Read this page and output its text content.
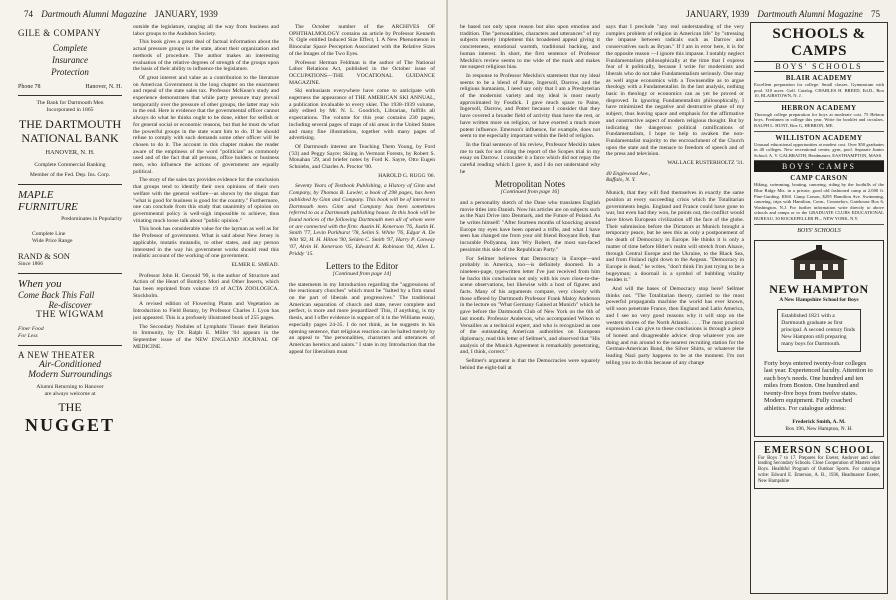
74 Dartmouth Alumni Magazine JANUARY, 1939
GILE & COMPANY
Complete
Insurance
Protection
Phone 78	Hanover, N. H.
The Bank for Dartmouth Men
Incorporated in 1865
THE DARTMOUTH
NATIONAL BANK
HANOVER, N. H.
Complete Commercial Banking
Member of the Fed. Dep. Ins. Corp.
MAPLE
FURNITURE
Predominates in Popularity
Complete Line
Wide Price Range
RAND & SON
Since 1866
When you
Come Back This Fall
Re-discover
THE WIGWAM
Finer Food
For Less
A NEW THEATER
Air-Conditioned
Modern Surroundings
Alumni Returning to Hanover
are always welcome at
THE
NUGGET

outside the legislature, ranging all the way from business and labor groups to the Audubon Society.

This book gives a great deal of factual information about the actual pressure groups in the state, about their organization and methods of procedure. The author makes an interesting evaluation of the relative degrees of strength of the groups upon the basis of their ability to influence the legislature.

Of great interest and value as a contribution to the literature on American Government is the long chapter on the enactment and repeal of the state sales tax. Professor McKean's study and experience demonstrates that while party pressure may prevail temporarily over the pressure of other groups, the latter may win in the end. Here is evidence that the governmental officer cannot always do what he thinks ought to be done, either for selfish or for general social or economic reasons, but that he must do what the powerful groups in the state want him to do. If he should refuse to comply with such demands some other officer will be chosen to do it. The account in this chapter makes the reader aware of the emptiness of the word "politician" as commonly used and of the fact that all persons, office holders or business men, who influence the actions of government are equally political.

The story of the sales tax provides evidence for the conclusion that groups tend to identify their own opinions of their own welfare with the general welfare—as shown by the slogan that "what is good for business is good for the country." Furthermore, one can conclude from this study that unanimity of opinion on governmental policy is well-nigh impossible to achieve, thus vitiating much loose talk about "public opinion."

This book has considerable value for the layman as well as for the Professor of government. What is said about New Jersey is applicable, mutatis mutandis, to other states, and any person interested in the way his government works should read this realistic account of the working of one government.

ELMER E. SMEAD.

Professor John H. Gerould '99, is the author of Structure and Action of the Heart of Bombyx Mori and Other Insects, which has been reprinted from volume 19 of ACTA ZOOLOGICA. Stockholm.

A revised edition of Flowering Plants and Vegetation as Introduction to Field Botany, by Professor Charles J. Lyon has just appeared. This is a profusely illustrated book of 255 pages.

The Secondary Nodules of Lymphatic Tissue: their Relation to Immunity, by Dr. Ralph E. Miller '04 appears in the September issue of the NEW ENGLAND JOURNAL OF MEDICINE.

The October number of the ARCHIVES OF OPHTHALMOLOGY contains an article by Professor Kenneth N. Ogle entitled Induced Size Effect, I. A New Phenomenon in Binocular Space Perception Associated with the Relative Sizes of the Images of the Two Eyes.

Professor Herman Feldman is the author of The National Labor Relations Act, published in the October issue of OCCUPATIONS—THE VOCATIONAL GUIDANCE MAGAZINE.

Ski enthusiasts everywhere have come to anticipate with eagerness the appearance of THE AMERICAN SKI ANNUAL, a publication invaluable to every skier. The 1938-1939 volume, ably edited by Mr. N. L. Goodrich, Librarian, fulfills all expectations. The volume for this year contains 230 pages, including several pages of maps of ski areas in the United States and many fine illustrations, together with many pages of advertising.

Of Dartmouth interest are Teaching Them Young, by Ford ('33) and Peggy Sayre; Skiing in Vermont Forests, by Robert S. Monahan '29, and briefer notes by Ford K. Sayre, Otto Eugen Schniebs, and Charles A. Proctor '00.

HAROLD G. RUGG '06.

Seventy Years of Textbook Publishing, a History of Ginn and Company, by Thomas B. Lawler, a book of 298 pages, has been published by Ginn and Company. This book will be of interest to Dartmouth men. Ginn and Company has been sometimes referred to as a Dartmouth publishing house. In this book will be found notices of the following Dartmouth men all of whom were or are connected with the firm: Austin H. Kenerson '76, Justin H. Smith '77, Levin Parkhurst '78, Selim S. White '76, Edgar A. De Witt '82, H. H. Hilton '90, Selden C. Smith '97, Harry P. Conway '07, Alvin H. Kenerson '05, Edward K. Robinson '04, Allen L. Priddy '15.

Letters to the Editor
[Continued from page 14]

the statements in my Introduction regarding the "aggressions of the reactionary churches" which must be "halted by a firm stand on the part of liberals and progressives." The traditional American separation of church and state, never complete and perfect, is more and more jeopardized! This, if anything, is my thesis, and I offer evidence in support of it in the Williams essay, especially pages 24-35. I do not think, as he suggests in his opening sentence, that religious reaction can be halted merely by an appeal to "the personalities, characters and utterances of American heretics and saints." I state in my Introduction that the appeal for liberalism must

JANUARY, 1939 Dartmouth Alumni Magazine 75

be based not only upon reason but also upon emotion and tradition. The "personalities, characters and utterances" of my subjects merely implement this broadened appeal giving it concreteness, emotional warmth, traditional backing, and human interest. In short, the first sentence of Professor Mecklin's review seems to me wide of the mark and makes me suspect religious bias.

In response to Professor Mecklin's statement that my ideal seems to be a blend of Paine, Ingersoll, Darrow, and the religious humanists, I need say only that I am a Presbyterian of the modernist variety and my ideal is most nearly approximated by Fosdick. I gave much space to Paine, Ingersoll, Darrow, and Potter because I consider that they have covered a broader field of activity than have the rest, or have written more on religion, or have exerted a much more potent influence. Emerson's influence, for example, does not seem to me especially important within the field of religion.

In the final sentence of his review, Professor Mecklin takes me to task for not citing the report of the Scopes trial in my essay on Darrow. I consider it a farce which did not repay the careful reading which I gave it, and I do not understand why he

Metropolitan Notes
[Continued from page 16]

and a personality sketch of the Dane who translates English movie titles into Danish. Now his articles are on subjects such as the Nazi Drive into Denmark, and the Future of Poland. As he writes himself: "After fourteen months of knocking around Europe my eyes have been opened a trifle, and what I have seen has changed me from your old friend Booyant Bob, that incurable Pollyanna, into Wry Robert, the most sun-faced pessimist this side of the Republican Party."

For Sellmer believes that Democracy in Europe—and probably in America, too—is definitely doomed. In a nineteen-page, typewritten letter I've just received from him he backs this conclusion not only with his own close-to-the-scene observations, but likewise with a host of figures and facts. Many of his arguments compare, very closely with those offered by Dartmouth Professor Frank Maloy Anderson in the lecture on "What Germany Gained at Munich" which he gave before the Dartmouth Club of New York on the 6th of last month. Professor Anderson, who accompanied Wilson to Versailles as a technical expert, and who is recognized as one of the outstanding American authorities on European diplomacy, read this letter of Sellmer's, and observed that "His analysis of the Munich Agreement is remarkably penetrating, and, I think, correct."

Sellmer's argument is that the Democracies were squarely behind the eight-ball at

says that I preclude "any real understanding of the very complex problem of religion in American life" by "stressing the impasse between radicals such as Darrow and conservatives such as Bryan." If I am in error here, it is for the opposite reason —I ignore this impasse. I notably neglect Fundamentalism philosophically at the time that I express fear of it politically, because I write for modernists and liberals who do not take Fundamentalism seriously. One may as well argue economics with a Townsendite as to argue theology with a Fundamentalist. In the last analysis, nothing basic in theology or economics can as yet be proved or disproved. In ignoring Fundamentalism philosophically, I have minimized the negative and destructive phase of my subject, thus leaving space and emphasis for the affirmative and constructive aspect of modern religious thought. But by indicating the dangerous political ramifications of Fundamentalism, I hope to help to awaken the non-Fundamentalist majority to the encroachment of the Church upon the state and the menace to freedom of speech and of the press and television.

WALLACE RUSTERHOLTZ '31.
40 Englewood Ave.,
Buffalo, N. Y.

Munich, that they will find themselves in exactly the same position at every succeeding crisis which the Totalitarian governments begin. England and France could have gone to war, but even had they won, he points out, the conflict would have blown European civilization off the face of the globe. Their submission before the Dictators at Munich brought a temporary peace, but he sees this as only a postponement of the death of Democracy in Europe. He thinks it is only a matter of time before Hitler's realm will stretch from Alsace, through Central Europe and the Ukraine, to the Black Sea, and from Finland right down to the Aegean. "Democracy in Europe is dead," he writes, "don't think I'm just trying to be a bogeyman; a doornail is a symbol of bubbling vitality besides it."

And will the bases of Democracy stop here? Sellmer thinks not. "The Totalitarian theory, carried to the most powerful propaganda machine the world has ever known, will soon penetrate France, then England and Latin America, and I see no very good reasons why it will stop on the western shores of the North Atlantic. . . . The most practical expression I can give to these conclusions is through a piece of honest and disagreeable advice: drop whatever you are doing and run around to the nearest recruiting station for the German-American Bund, the Silver Shirts, or whatever the leading Nazi party happens to be at the moment. I'm not telling you to do this because of any change

SCHOOLS & CAMPS
BOYS' SCHOOLS
BLAIR ACADEMY
Excellent preparation for college. Small classes. Gymnasium with pool. 310 acres. Golf. Catalog. CHARLES H. BREED, Ed.D., Box 10, BLAIRSTOWN, N. J.
HEBRON ACADEMY
Thorough college preparation for boys at moderate cost. 75 Hebron boys. Freshmen in college this year. Write for booklet and circulars. RALPH L. HUNT, Box G, HEBRON, ME.
WILLISTON ACADEMY
Unusual educational opportunities at modest cost. Over $50 graduates in 40 colleges. New recreational center, gym, pool. Separate Junior School. A. V. GALBRAITH, Headmaster, EASTHAMPTON, MASS.
BOYS' CAMPS
CAMP CARSON
Hiking, swimming, boating, canoeing, riding by the foothills of the Blue Ridge Mts. in a private, good old fashioned camp at 2,000 ft. Pine-Guiding. $360. Camp Carson, $295 Hamilton Ave. Swimming, canoeing, trips with Hamilton, Conn., Counselors, Gatehouse Box 6, Washington, N.J. For further information write directly to above schools and camps or to the GRADUATE CLUBS EDUCATIONAL BUREAU, 30 ROCKEFELLER PL., NEW YORK, N.Y.
BOYS' SCHOOLS
NEW HAMPTON
A New Hampshire School for Boys
Established 1821 with a Dartmouth graduate as first principal. A second century finds New Hampton still preparing many boys for Dartmouth.
Forty boys entered twenty-four colleges last year. Experienced faculty. Attention to each boy's needs. One hundred and ten miles from Boston. One hundred and twenty-five boys from twelve states. Modern equipment. Fully coached athletics. For catalogue address:
Frederick Smith, A. M.
Box 196, New Hampton, N. H.
EMERSON SCHOOL
For Boys 7 to 17. Prepares for Exeter, Andover and other leading Secondary Schools. Close Cooperation of Masters with Boys. Healthful Program of Outdoor Sports. For catalogue write: Edward E. Emerson, A. B., 1936, Headmaster Exeter, New Hampshire
